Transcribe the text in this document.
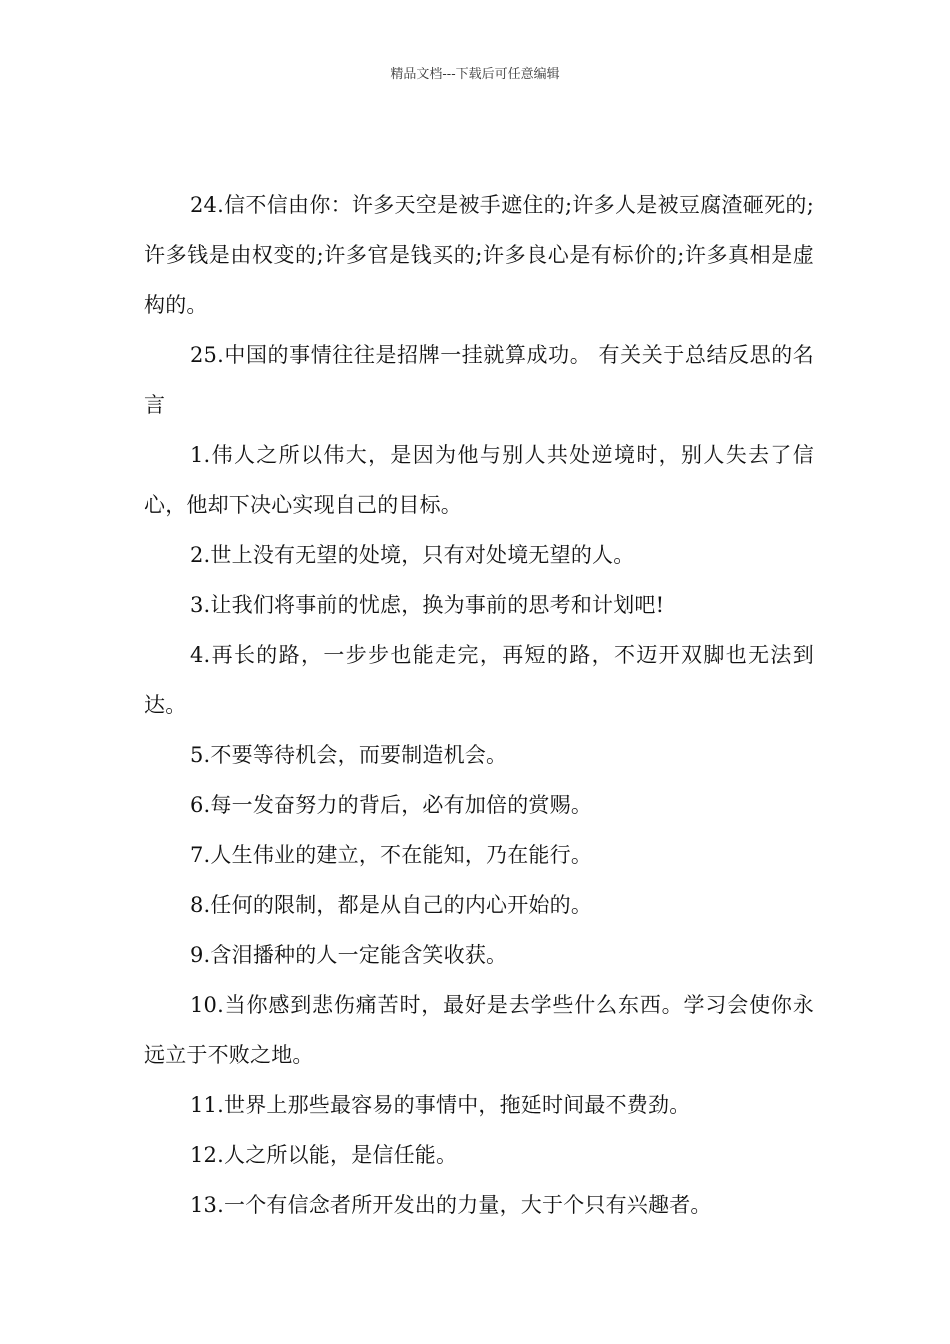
精品文档---下载后可任意编辑

24.信不信由你：许多天空是被手遮住的;许多人是被豆腐渣砸死的;许多钱是由权变的;许多官是钱买的;许多良心是有标价的;许多真相是虚构的。

25.中国的事情往往是招牌一挂就算成功。 有关关于总结反思的名言

1.伟人之所以伟大，是因为他与别人共处逆境时，别人失去了信心，他却下决心实现自己的目标。

2.世上没有无望的处境，只有对处境无望的人。

3.让我们将事前的忧虑，换为事前的思考和计划吧!

4.再长的路，一步步也能走完，再短的路，不迈开双脚也无法到达。

5.不要等待机会，而要制造机会。

6.每一发奋努力的背后，必有加倍的赏赐。

7.人生伟业的建立，不在能知，乃在能行。

8.任何的限制，都是从自己的内心开始的。

9.含泪播种的人一定能含笑收获。

10.当你感到悲伤痛苦时，最好是去学些什么东西。学习会使你永远立于不败之地。

11.世界上那些最容易的事情中，拖延时间最不费劲。

12.人之所以能，是信任能。

13.一个有信念者所开发出的力量，大于个只有兴趣者。
